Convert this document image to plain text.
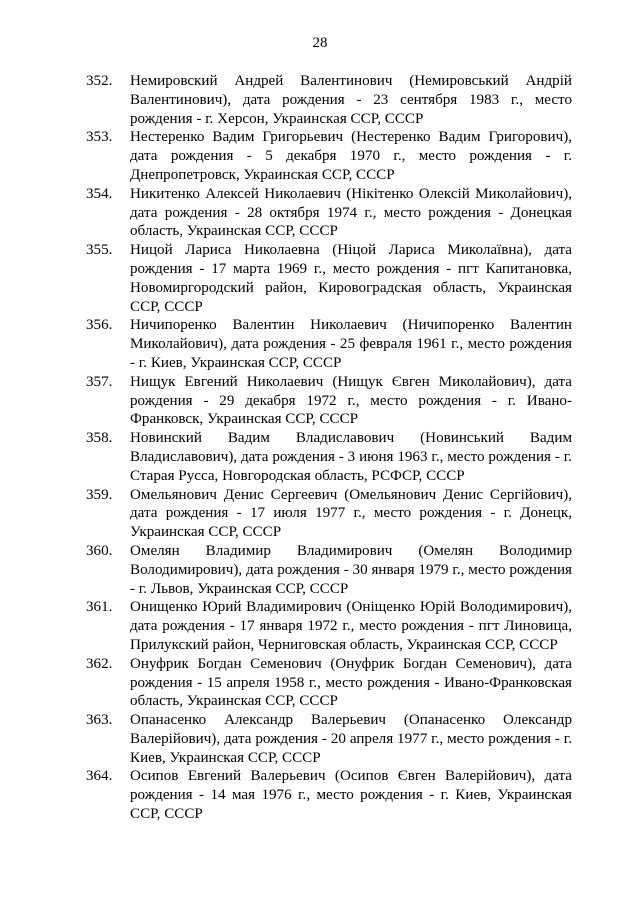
28
352.	Немировский Андрей Валентинович (Немировський Андрій Валентинович), дата рождения - 23 сентября 1983 г., место рождения - г. Херсон, Украинская ССР, СССР
353.	Нестеренко Вадим Григорьевич (Нестеренко Вадим Григорович), дата рождения - 5 декабря 1970 г., место рождения - г. Днепропетровск, Украинская ССР, СССР
354.	Никитенко Алексей Николаевич (Нікітенко Олексій Миколайович), дата рождения - 28 октября 1974 г., место рождения - Донецкая область, Украинская ССР, СССР
355.	Ницой Лариса Николаевна (Ніцой Лариса Миколаївна), дата рождения - 17 марта 1969 г., место рождения - пгт Капитановка, Новомиргородский район, Кировоградская область, Украинская ССР, СССР
356.	Ничипоренко Валентин Николаевич (Ничипоренко Валентин Миколайович), дата рождения - 25 февраля 1961 г., место рождения - г. Киев, Украинская ССР, СССР
357.	Нищук Евгений Николаевич (Нищук Євген Миколайович), дата рождения - 29 декабря 1972 г., место рождения - г. Ивано-Франковск, Украинская ССР, СССР
358.	Новинский Вадим Владиславович (Новинський Вадим Владиславович), дата рождения - 3 июня 1963 г., место рождения - г. Старая Русса, Новгородская область, РСФСР, СССР
359.	Омельянович Денис Сергеевич (Омельянович Денис Сергійович), дата рождения - 17 июля 1977 г., место рождения - г. Донецк, Украинская ССР, СССР
360.	Омелян Владимир Владимирович (Омелян Володимир Володимирович), дата рождения - 30 января 1979 г., место рождения - г. Львов, Украинская ССР, СССР
361.	Онищенко Юрий Владимирович (Оніщенко Юрій Володимирович), дата рождения - 17 января 1972 г., место рождения - пгт Линовица, Прилукский район, Черниговская область, Украинская ССР, СССР
362.	Онуфрик Богдан Семенович (Онуфрик Богдан Семенович), дата рождения - 15 апреля 1958 г., место рождения - Ивано-Франковская область, Украинская ССР, СССР
363.	Опанасенко Александр Валерьевич (Опанасенко Олександр Валерійович), дата рождения - 20 апреля 1977 г., место рождения - г. Киев, Украинская ССР, СССР
364.	Осипов Евгений Валерьевич (Осипов Євген Валерійович), дата рождения - 14 мая 1976 г., место рождения - г. Киев, Украинская ССР, СССР
